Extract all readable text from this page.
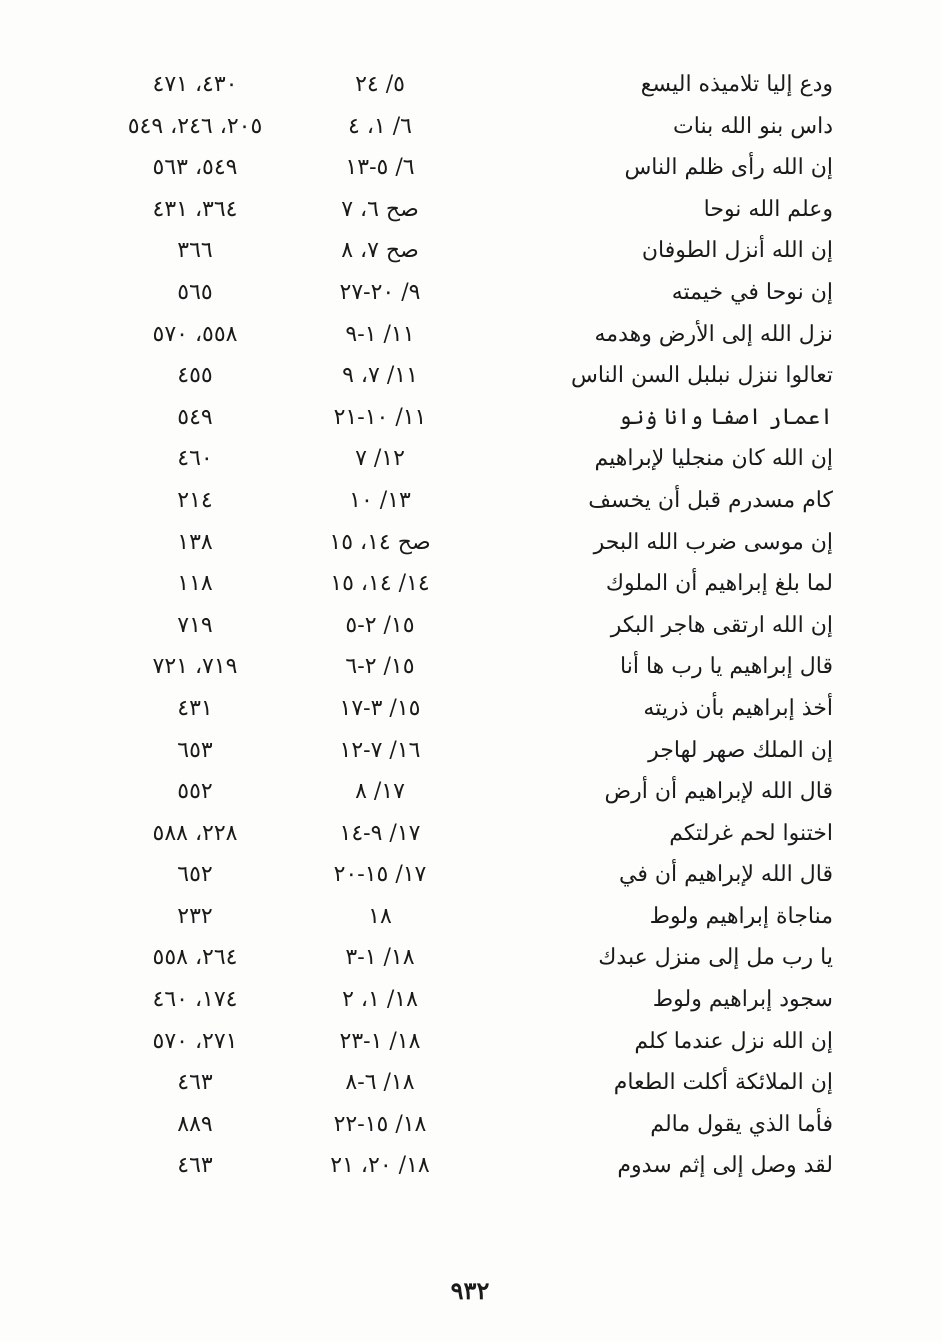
ودع إليا تلاميذه اليسع
٥/ ٢٤
٤٣٠، ٤٧١
داس بنو الله بنات
٦/ ١، ٤
٢٠٥، ٢٤٦، ٥٤٩
إن الله رأى ظلم الناس
٦/ ٥-١٣
٥٤٩، ٥٦٣
وعلم الله نوحا
صح ٦، ٧
٣٦٤، ٤٣١
إن الله أنزل الطوفان
صح ٧، ٨
٣٦٦
إن نوحا في خيمته
٩/ ٢٠-٢٧
٥٦٥
نزل الله إلى الأرض وهدمه
١١/ ١-٩
٥٥٨، ٥٧٠
تعالوا ننزل نبلبل السن الناس
١١/ ٧، ٩
٤٥٥
اعمار اصفا وانا ۏنو
١١/ ١٠-٢١
٥٤٩
إن الله كان منجليا لإبراهيم
١٢/ ٧
٤٦٠
كام مسدرم قبل أن يخسف
١٣/ ١٠
٢١٤
إن موسى ضرب الله البحر
صح ١٤، ١٥
١٣٨
لما بلغ إبراهيم أن الملوك
١٤/ ١٤، ١٥
١١٨
إن الله ارتقى هاجر البكر
١٥/ ٢-٥
٧١٩
قال إبراهيم يا رب ها أنا
١٥/ ٢-٦
٧١٩، ٧٢١
أخذ إبراهيم بأن ذريته
١٥/ ٣-١٧
٤٣١
إن الملك صهر لهاجر
١٦/ ٧-١٢
٦٥٣
قال الله لإبراهيم أن أرض
١٧/ ٨
٥٥٢
اختنوا لحم غرلتكم
١٧/ ٩-١٤
٢٢٨، ٥٨٨
قال الله لإبراهيم أن في
١٧/ ١٥-٢٠
٦٥٢
مناجاة إبراهيم ولوط
١٨
٢٣٢
يا رب مل إلى منزل عبدك
١٨/ ١-٣
٢٦٤، ٥٥٨
سجود إبراهيم ولوط
١٨/ ١، ٢
١٧٤، ٤٦٠
إن الله نزل عندما كلم
١٨/ ١-٢٣
٢٧١، ٥٧٠
إن الملائكة أكلت الطعام
١٨/ ٦-٨
٤٦٣
فأما الذي يقول مالم
١٨/ ١٥-٢٢
٨٨٩
لقد وصل إلى إثم سدوم
١٨/ ٢٠، ٢١
٤٦٣
٩٣٢
